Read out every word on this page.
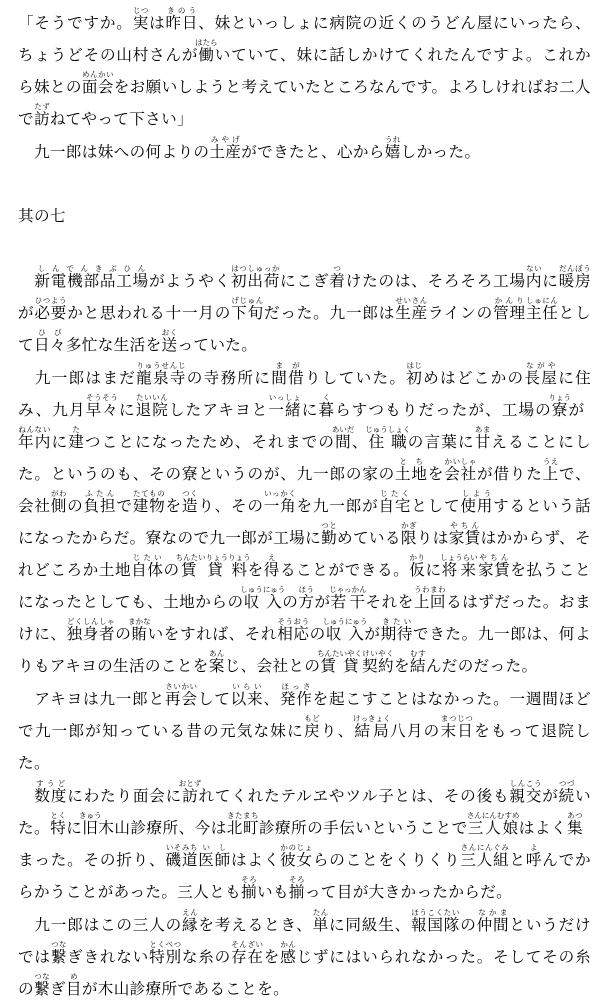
「そうですか。実じつは昨日きのう、妹といっしょに病院の近くのうどん屋にいったら、ちょうどその山村さんが働はたらいていて、妹に話しかけてくれたんですよ。これから妹との面会めんかいをお願いしようと考えていたところなんです。よろしければお二人で訪たずねてやって下さい」

　九一郎は妹への何よりの土産みやげができたと、心から嬉うれしかった。

其の七

　新電機部品工場しんでんきぶひんがようやく初はつ出荷しゅっかにこぎ着つけたのは、そろそろ工場内ないに暖房だんぼうが必要ひつようかと思われる十一月の下旬げじゅんだった。九一郎は生産せいさんラインの管理かんり主任しゅにんとして日々ひび多忙な生活を送おくっていた。

　九一郎はまだ龍泉寺りゅうせんじの寺務所に間借まがりしていた。初はじめはどこかの長屋ながやに住み、九月早々そうそうに退院たいいんしたアキヨと一緒いっしょに暮くらすつもりだったが、工場の寮りょうが年内ねんないに建たつことになったため、それまでの間あいだ、住職じゅうしょくの言葉に甘あまえることにした。というのも、その寮というのが、九一郎の家の土地とちを会社かいしゃが借りた上うえで、会社側がわの負担ふたんで建物たてものを造つくり、その一角いっかくを九一郎が自宅じたくとして使用しようするという話になったからだ。寮なので九一郎が工場に勤つとめている限かぎりは家賃やちんはかからず、それどころか土地自体じたいの賃貸ちんたいりょう料りょうを得えることができる。仮かりに将来しょうらい家賃やちんを払うことになったとしても、土地からの収入しゅうにゅうの方ほうが若干じゃっかんそれを上回うわまわるはずだった。おまけに、独身者どくしんしゃの賄まかないをすれば、それ相応そうおうの収入しゅうにゅうが期待きたいできた。九一郎は、何よりもアキヨの生活のことを案あんじ、会社との賃貸ちんたいやく契約けいやくを結むすんだのだった。

　アキヨは九一郎と再会さいかいして以来いらい、発作ほっさを起こすことはなかった。一週間ほどで九一郎が知っている昔の元気な妹に戻もどり、結局けっきょく八月の末日まつじつをもって退院した。

　数度すうどにわたり面会に訪おとずれてくれたテルヱやツル子とは、その後も親交しんこうが続つづいた。特とくに旧きゅう木山診療所、今は北町きたまち診療所の手伝いということで三人娘さんにんむすめはよく集あつまった。その折り、磯道いそみち医師いしはよく彼女かのじょらのことをくりくり三人組さんにんぐみと呼よんでからかうことがあった。三人とも揃そろいも揃そろって目が大きかったからだ。

　九一郎はこの三人の縁えんを考えるとき、単たんに同級生、報国隊ほうこくたいの仲間なかまというだけでは繋つなぎきれない特別とくべつな糸の存在そんざいを感かんじずにはいられなかった。そしてその糸の繋つなぎ目めが木山診療所であることを。
